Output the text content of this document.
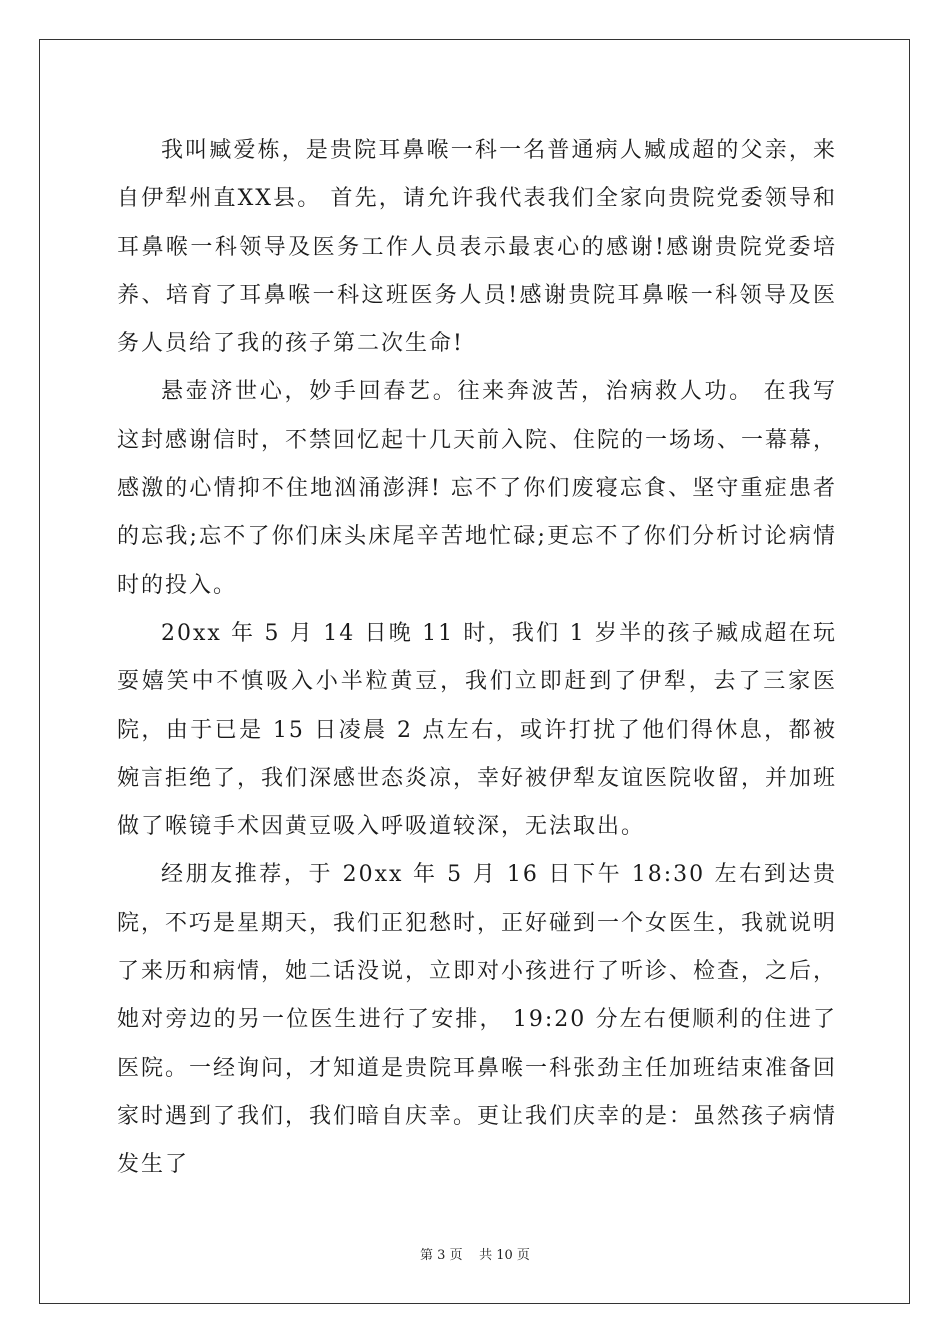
我叫臧爱栋，是贵院耳鼻喉一科一名普通病人臧成超的父亲，来自伊犁州直XX县。 首先，请允许我代表我们全家向贵院党委领导和耳鼻喉一科领导及医务工作人员表示最衷心的感谢!感谢贵院党委培养、培育了耳鼻喉一科这班医务人员!感谢贵院耳鼻喉一科领导及医务人员给了我的孩子第二次生命!

悬壶济世心，妙手回春艺。往来奔波苦，治病救人功。 在我写这封感谢信时，不禁回忆起十几天前入院、住院的一场场、一幕幕，感激的心情抑不住地汹涌澎湃! 忘不了你们废寝忘食、坚守重症患者的忘我;忘不了你们床头床尾辛苦地忙碌;更忘不了你们分析讨论病情时的投入。

20xx 年 5 月 14 日晚 11 时，我们 1 岁半的孩子臧成超在玩耍嬉笑中不慎吸入小半粒黄豆，我们立即赶到了伊犁，去了三家医院，由于已是 15 日凌晨 2 点左右，或许打扰了他们得休息，都被婉言拒绝了，我们深感世态炎凉，幸好被伊犁友谊医院收留，并加班做了喉镜手术因黄豆吸入呼吸道较深，无法取出。

经朋友推荐，于 20xx 年 5 月 16 日下午 18:30 左右到达贵院，不巧是星期天，我们正犯愁时，正好碰到一个女医生，我就说明了来历和病情，她二话没说，立即对小孩进行了听诊、检查，之后，她对旁边的另一位医生进行了安排， 19:20 分左右便顺利的住进了医院。一经询问，才知道是贵院耳鼻喉一科张劲主任加班结束准备回家时遇到了我们，我们暗自庆幸。更让我们庆幸的是：虽然孩子病情发生了

第 3 页 共 10 页
